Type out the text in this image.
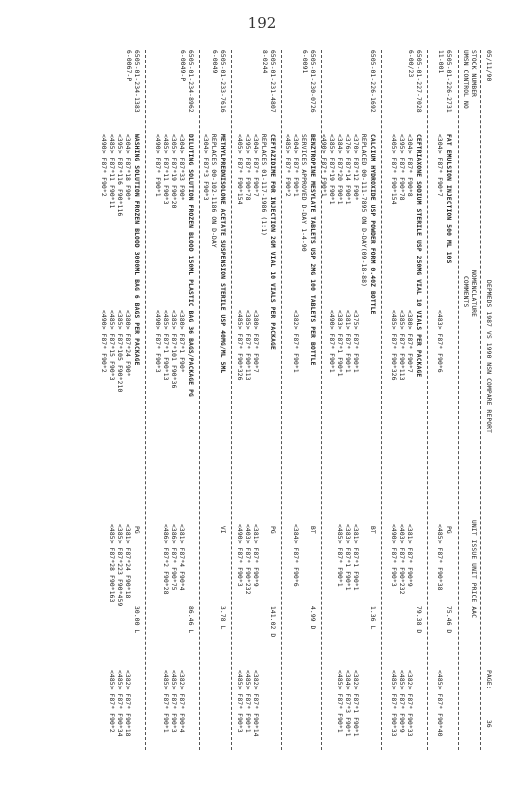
192
05/11/90
DEPMEDS 1987 VS 1990 NSN COMPARE REPORT
PAGE:
36
STOCK NUMBER
NOMENCLATURE
UNIT ISSUE UNIT PRICE AAC
UMSN CONTROL NO
COMMENTS
6505-01-226-2731
11-001
FAT EMULSION INJECTION 500 ML 10S
PG
75.46 D
<304> F87* F90*7
<483> F87* F90*6
<485> F87* F90*38
<485> F87* F90*40
6505-01-227-7028
6-00/23
CEFTRIAXONE SODIUM STERILE USP 250MG VIAL 10 VIALS PER PACKAGE
79.38 D
<304> F87* F90*8
<395> F87* F90*78
<405> F87* F90*154
<380> F87* F90*7
<385> F87* F90*113
<485> F87* F90*326
<381> F87* F90*9
<403> F87* F90*232
<490> F87* F90*3
<382> F87* F90*33
<485> F87* F90*9
<485> F87* F90*33
6505-01-226-1692
CALCIUM HYDROXIDE USP POWDER FORM 0.40Z BOTTLE
BT
1.36 L
REPLACED 00-111-7895 ON D-DAY(09-18-88)
<370> F87*12 F90*
<376> F87*14 F90*1
<384> F87*20 F90*1
<385> F87*19 F90*1
<490> F87* F90*1
<375> F87* F90*1
<381> F87* F90*1
<383> F87*1 F90*1
<490> F87* F90*1
<381> F87*1 F90*1
<383> F87*1 F90*1
<485> F87* F90*1
<382> F87*1 F90*1
<384> F87*3 F90*1
<485> F87* F90*1
6505-01-230-0726
6-0091
BENZTROPINE MESYLATE TABLETS USP 2MG 100 TABLETS PER BOTTLE
BT
4.99 D
SERVICES APPROVED D-DAY 1-4-90
<304> F87* F90*1
<485> F87* F90*2
<382> F87* F90*1
<384> F87* F90*6
6505-01-231-4807
8-0244
CEFTAZIDIME FOR INJECTION 2GM VIAL 10 VIALS PER PACKAGE
PG
141.02 D
REPLACES 01-117-1986 (1:1)
<304> F87* F90*7
<395> F87* F90*78
<405> F87* F90*154
<380> F87* F90*7
<385> F87* F90*113
<485> F87* F90*326
<381> F87* F90*9
<403> F87* F90*232
<490> F87* F90*3
<382> F87* F90*14
<485> F87* F90*1
<485> F87* F90*3
6505-01-233-7616
6-0049
METHYLPREDNISOLONE ACETATE SUSPENSION STERILE USP 40MG/ML 5ML
VI
3.78 L
REPLACES 00-102-1186 ON D-DAY
<304> F87*3 F90*3
6505-01-234-8962
6-0049-P
DILUTING SOLUTION FROZEN BLOOD 150ML PLASTIC BAG 36 BAGS/PACKAGE PG
86.46 L
<304> F87*33 F90*
<305> F87*19 F90*20
<485> F87*11 F90*3
<490> F87* F90*1
<380> F87*1 F90*
<385> F87*101 F90*36
<485> F87*1 F90*13
<490> F87* F90*3
<381> F87*4 F90*4
<386> F87* F90*75
<486> F87*2 F90*28
<382> F87* F90*4
<485> F87* F90*3
<485> F87* F90*1
6505-01-234-1383
6-0067-P
WASHING SOLUTION FROZEN BLOOD 3000ML BAG 6 BAGS PER PACKAGE
PG
30.00 L
<304> F87*18 F90*
<395> F87*116 F90*116
<485> F87*11 F90*11
<490> F87* F90*2
<380> F87*24 F90*
<385> F87*105 F90*210
<485> F87*15 F90*3
<490> F87* F90*2
<381> F87*24 F90*18
<385> F87*223 F90*459
<485> F87*28 F90*163
<382> F87* F90*18
<485> F87* F90*34
<485> F87* F90*2
